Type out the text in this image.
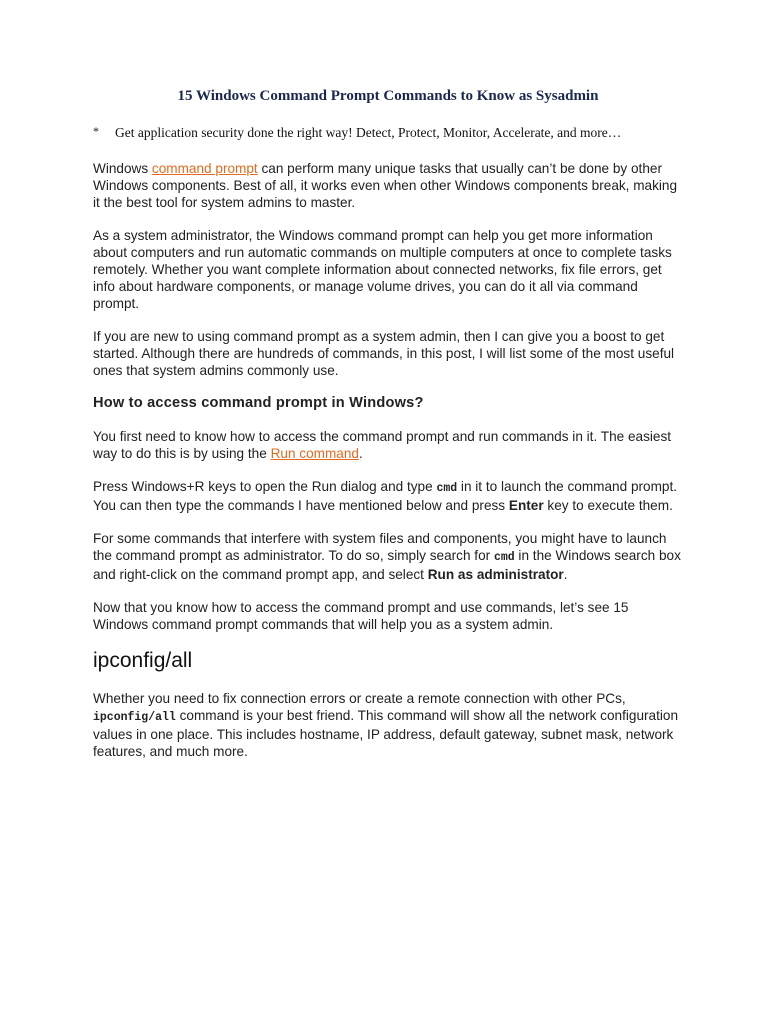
15 Windows Command Prompt Commands to Know as Sysadmin
* Get application security done the right way! Detect, Protect, Monitor, Accelerate, and more…
Windows command prompt can perform many unique tasks that usually can’t be done by other Windows components. Best of all, it works even when other Windows components break, making it the best tool for system admins to master.
As a system administrator, the Windows command prompt can help you get more information about computers and run automatic commands on multiple computers at once to complete tasks remotely. Whether you want complete information about connected networks, fix file errors, get info about hardware components, or manage volume drives, you can do it all via command prompt.
If you are new to using command prompt as a system admin, then I can give you a boost to get started. Although there are hundreds of commands, in this post, I will list some of the most useful ones that system admins commonly use.
How to access command prompt in Windows?
You first need to know how to access the command prompt and run commands in it. The easiest way to do this is by using the Run command.
Press Windows+R keys to open the Run dialog and type cmd in it to launch the command prompt. You can then type the commands I have mentioned below and press Enter key to execute them.
For some commands that interfere with system files and components, you might have to launch the command prompt as administrator. To do so, simply search for cmd in the Windows search box and right-click on the command prompt app, and select Run as administrator.
Now that you know how to access the command prompt and use commands, let’s see 15 Windows command prompt commands that will help you as a system admin.
ipconfig/all
Whether you need to fix connection errors or create a remote connection with other PCs, ipconfig/all command is your best friend. This command will show all the network configuration values in one place. This includes hostname, IP address, default gateway, subnet mask, network features, and much more.
